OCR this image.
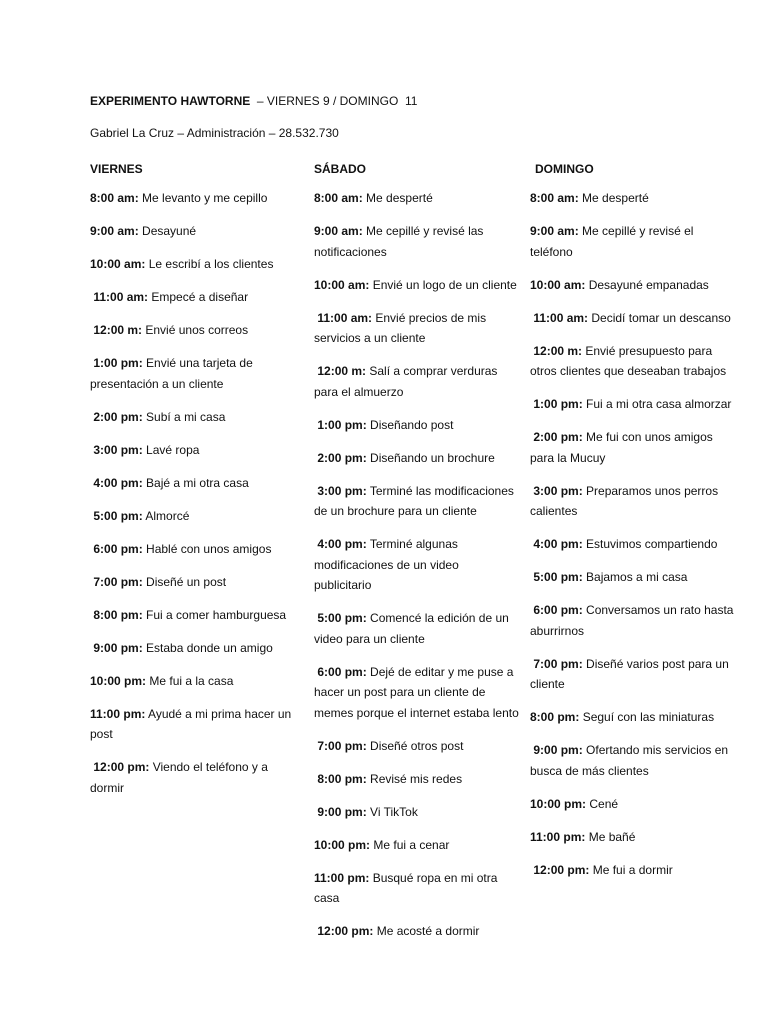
EXPERIMENTO HAWTORNE  – VIERNES 9 / DOMINGO  11
Gabriel La Cruz – Administración – 28.532.730
VIERNES
8:00 am: Me levanto y me cepillo
9:00 am: Desayuné
10:00 am: Le escribí a los clientes
11:00 am: Empecé a diseñar
12:00 m: Envié unos correos
1:00 pm: Envié una tarjeta de presentación a un cliente
2:00 pm: Subí a mi casa
3:00 pm: Lavé ropa
4:00 pm: Bajé a mi otra casa
5:00 pm: Almorcé
6:00 pm: Hablé con unos amigos
7:00 pm: Diseñé un post
8:00 pm: Fui a comer hamburguesa
9:00 pm: Estaba donde un amigo
10:00 pm: Me fui a la casa
11:00 pm: Ayudé a mi prima hacer un post
12:00 pm: Viendo el teléfono y a dormir
SÁBADO
8:00 am: Me desperté
9:00 am: Me cepillé y revisé las notificaciones
10:00 am: Envié un logo de un cliente
11:00 am: Envié precios de mis servicios a un cliente
12:00 m: Salí a comprar verduras para el almuerzo
1:00 pm: Diseñando post
2:00 pm: Diseñando un brochure
3:00 pm: Terminé las modificaciones de un brochure para un cliente
4:00 pm: Terminé algunas modificaciones de un video publicitario
5:00 pm: Comencé la edición de un video para un cliente
6:00 pm: Dejé de editar y me puse a hacer un post para un cliente de memes porque el internet estaba lento
7:00 pm: Diseñé otros post
8:00 pm: Revisé mis redes
9:00 pm: Vi TikTok
10:00 pm: Me fui a cenar
11:00 pm: Busqué ropa en mi otra casa
12:00 pm: Me acosté a dormir
DOMINGO
8:00 am: Me desperté
9:00 am: Me cepillé y revisé el teléfono
10:00 am: Desayuné empanadas
11:00 am: Decidí tomar un descanso
12:00 m: Envié presupuesto para otros clientes que deseaban trabajos
1:00 pm: Fui a mi otra casa almorzar
2:00 pm: Me fui con unos amigos para la Mucuy
3:00 pm: Preparamos unos perros calientes
4:00 pm: Estuvimos compartiendo
5:00 pm: Bajamos a mi casa
6:00 pm: Conversamos un rato hasta aburrirnos
7:00 pm: Diseñé varios post para un cliente
8:00 pm: Seguí con las miniaturas
9:00 pm: Ofertando mis servicios en busca de más clientes
10:00 pm: Cené
11:00 pm: Me bañé
12:00 pm: Me fui a dormir
